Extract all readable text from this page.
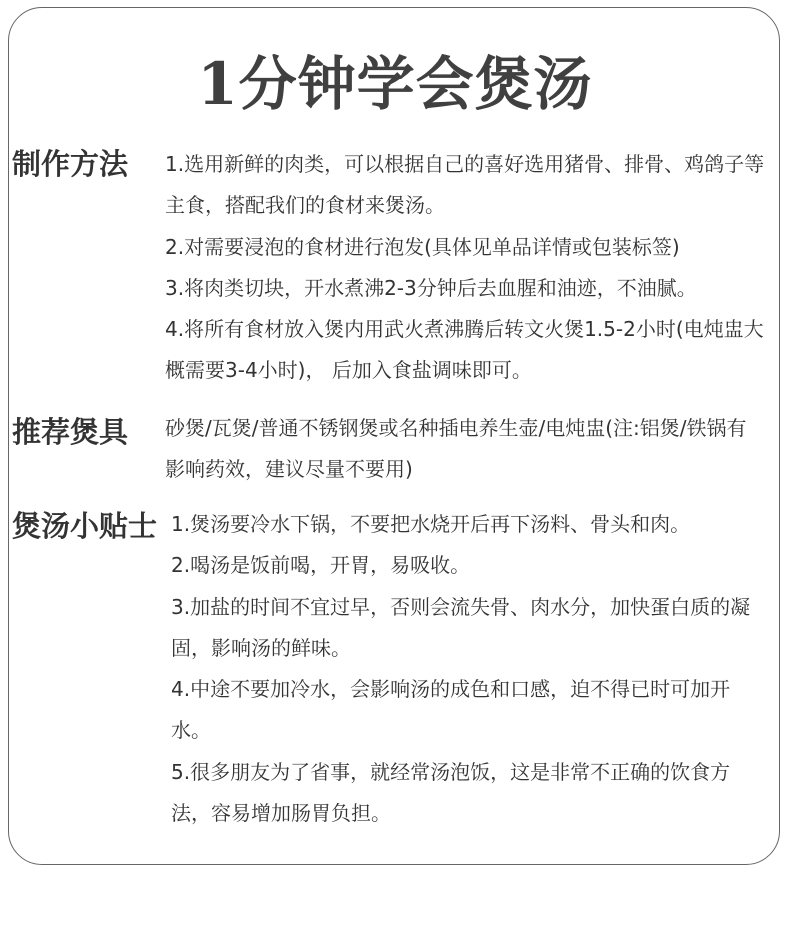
1分钟学会煲汤
制作方法 1.选用新鲜的肉类，可以根据自己的喜好选用猪骨、排骨、鸡鸽子等主食，搭配我们的食材来煲汤。

2.对需要浸泡的食材进行泡发(具体见单品详情或包装标签)

3.将肉类切块，开水煮沸2-3分钟后去血腥和油迹，不油腻。

4.将所有食材放入煲内用武火煮沸腾后转文火煲1.5-2小时(电炖盅大概需要3-4小时)， 后加入食盐调味即可。

推荐煲具 砂煲/瓦煲/普通不锈钢煲或名种插电养生壶/电炖盅(注:铝煲/铁锅有影响药效，建议尽量不要用)

煲汤小贴士 1.煲汤要冷水下锅，不要把水烧开后再下汤料、骨头和肉。

2.喝汤是饭前喝，开胃，易吸收。

3.加盐的时间不宜过早，否则会流失骨、肉水分，加快蛋白质的凝固，影响汤的鲜味。

4.中途不要加冷水，会影响汤的成色和口感，迫不得已时可加开水。

5.很多朋友为了省事，就经常汤泡饭，这是非常不正确的饮食方法，容易增加肠胃负担。
